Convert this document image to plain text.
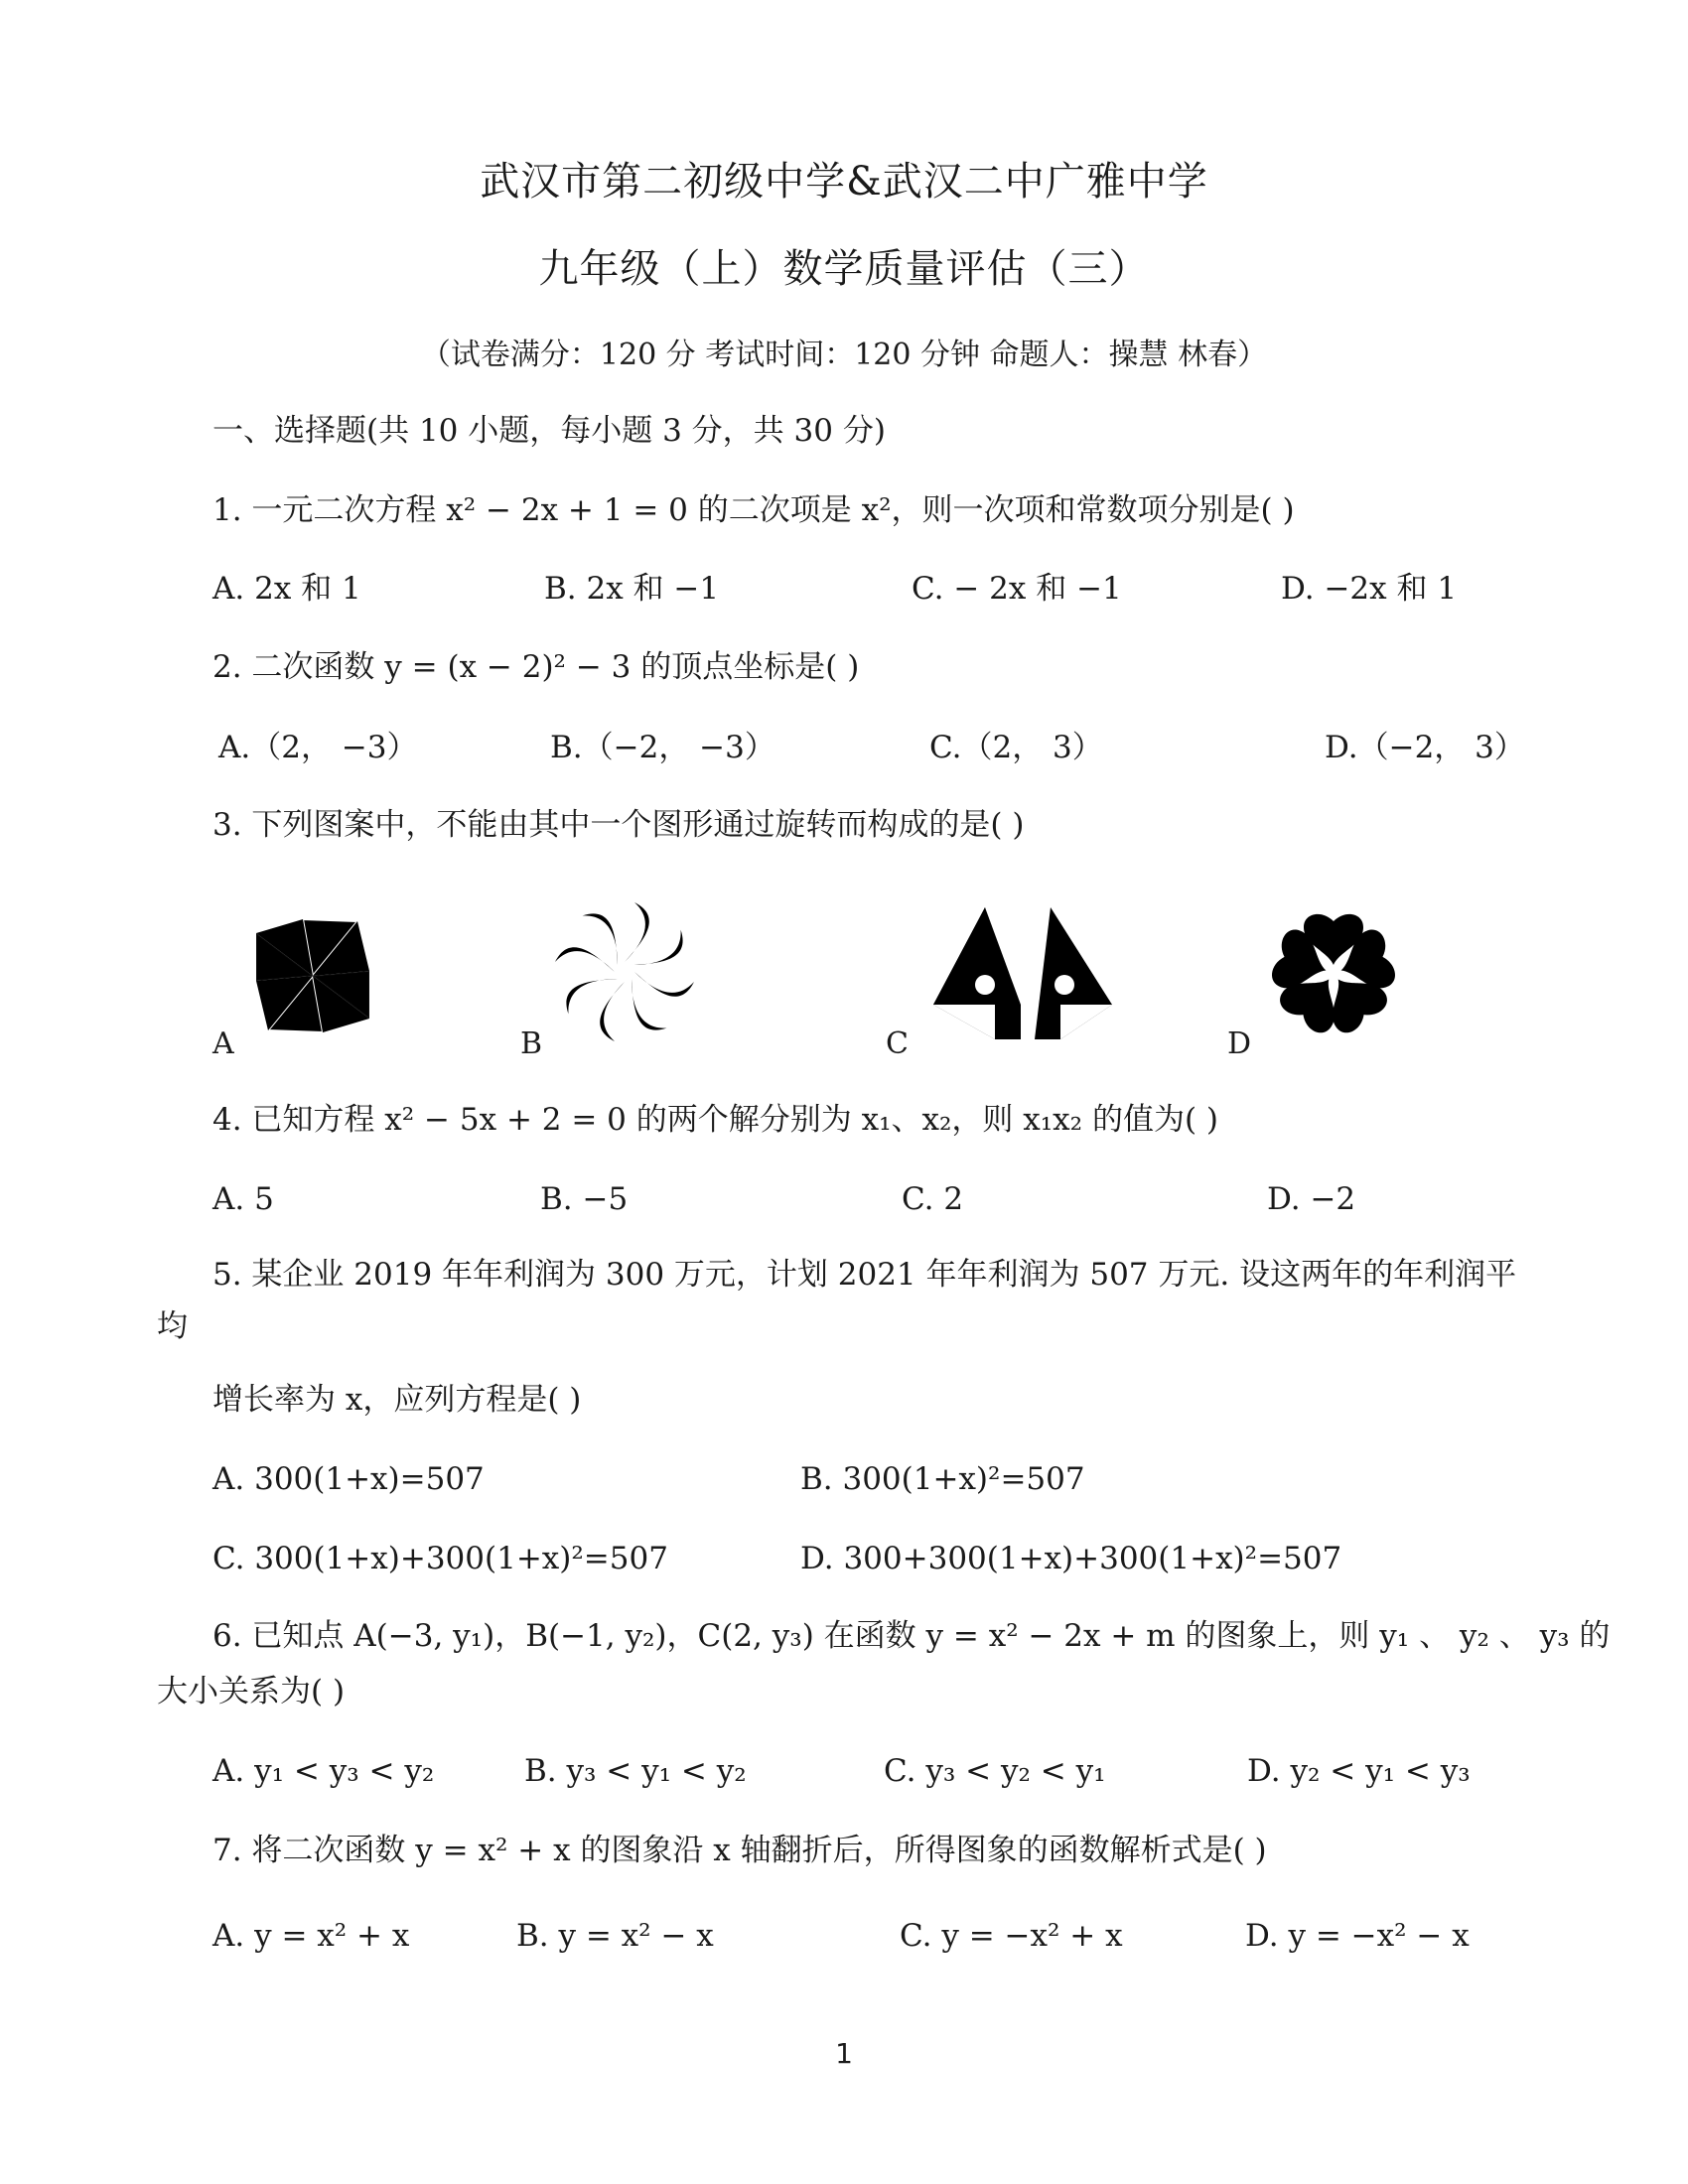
武汉市第二初级中学&武汉二中广雅中学
九年级（上）数学质量评估（三）
（试卷满分：120 分 考试时间：120 分钟 命题人：操慧 林春）
一、选择题(共 10 小题，每小题 3 分，共 30 分)
1. 一元二次方程 x² − 2x + 1 = 0 的二次项是 x²，则一次项和常数项分别是( )
A. 2x 和 1	B. 2x 和 −1	C. − 2x 和 −1	D. −2x 和 1
2. 二次函数 y = (x − 2)² − 3 的顶点坐标是( )
A.（2， −3）	B.（−2， −3）	C.（2， 3）	D.（−2， 3）
3. 下列图案中，不能由其中一个图形通过旋转而构成的是( )
A	B	C	D
4. 已知方程 x² − 5x + 2 = 0 的两个解分别为 x₁、x₂，则 x₁x₂ 的值为( )
A. 5	B. −5	C. 2	D. −2
5. 某企业 2019 年年利润为 300 万元，计划 2021 年年利润为 507 万元. 设这两年的年利润平
均
增长率为 x，应列方程是( )
A. 300(1+x)=507	B. 300(1+x)²=507
C. 300(1+x)+300(1+x)²=507	D. 300+300(1+x)+300(1+x)²=507
6. 已知点 A(−3, y₁)，B(−1, y₂)，C(2, y₃) 在函数 y = x² − 2x + m 的图象上，则 y₁ 、 y₂ 、 y₃ 的
大小关系为( )
A. y₁ < y₃ < y₂	B. y₃ < y₁ < y₂	C. y₃ < y₂ < y₁	D. y₂ < y₁ < y₃
7. 将二次函数 y = x² + x 的图象沿 x 轴翻折后，所得图象的函数解析式是( )
A. y = x² + x	B. y = x² − x	C. y = −x² + x	D. y = −x² − x
1
